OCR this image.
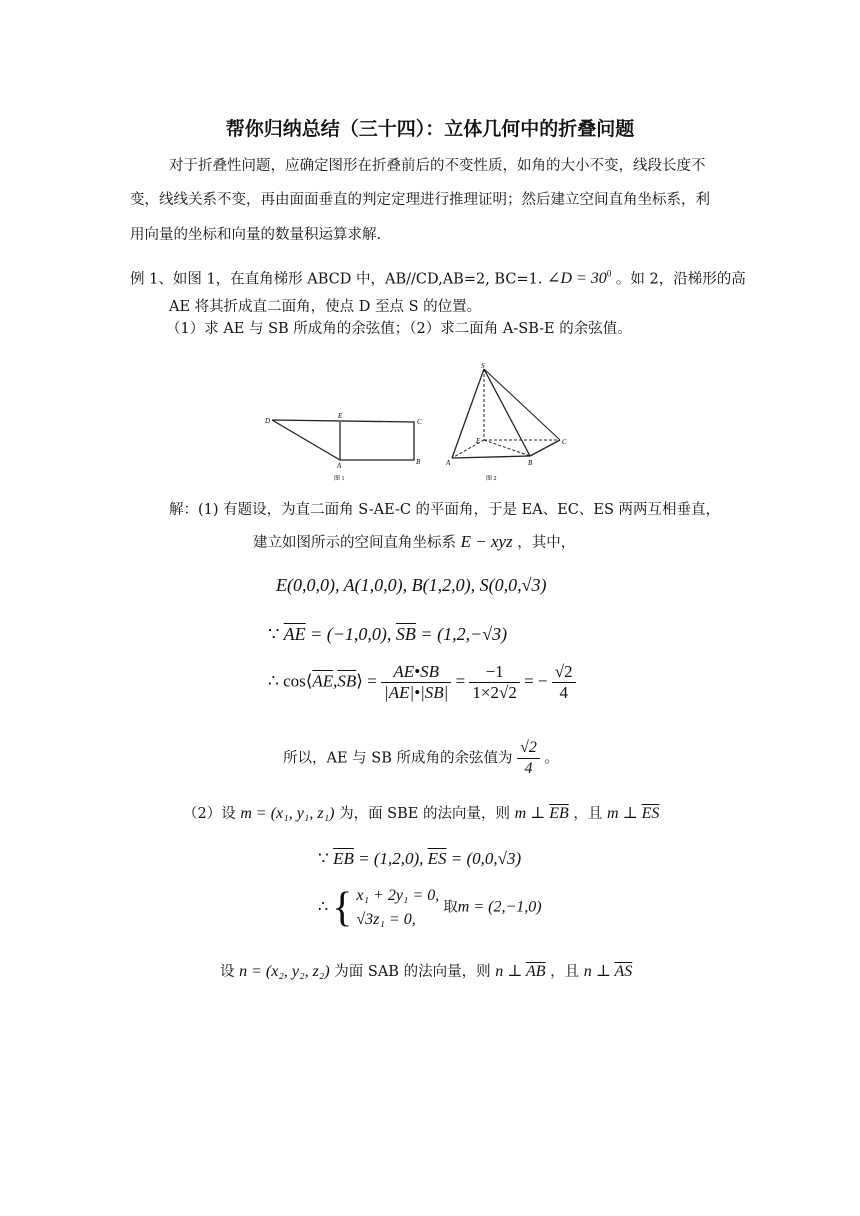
帮你归纳总结（三十四）：立体几何中的折叠问题
对于折叠性问题，应确定图形在折叠前后的不变性质，如角的大小不变，线段长度不
变，线线关系不变，再由面面垂直的判定定理进行推理证明；然后建立空间直角坐标系，利
用向量的坐标和向量的数量积运算求解.
例 1、如图 1，在直角梯形 ABCD 中，AB//CD,AB=2, BC=1. ∠D = $30^0$ 。如 2，沿梯形的高
AE 将其折成直二面角，使点 D 至点 S 的位置。
（1）求 AE 与 SB 所成角的余弦值；（2）求二面角 A-SB-E 的余弦值。
D
E
C
A	B
图 1
S
E	C
A	B
图 2
解：(1) 有题设，为直二面角 S-AE-C 的平面角，于是 EA、EC、ES 两两互相垂直，
建立如图所示的空间直角坐标系 E − xyz ，其中，
E(0,0,0), A(1,0,0), B(1,2,0), S(0,0,√3)
∵ $\overline{AE} = (-1,0,0)$, $\overline{SB} = (1,2,-√3)$
∴ $\cos⟨\overline{AE},\overline{SB}⟩ = \frac{AE•SB}{|AE|•|SB|} = \frac{-1}{1\times 2√2}$ = − $\frac{√2}{4}$
所以，AE 与 SB 所成角的余弦值为 $\frac{√2}{4}$ 。
（2）设 m = (x₁, y₁, z₁) 为，面 SBE 的法向量，则 m ⊥ $\overline{EB}$ ，且 m ⊥ $\overline{ES}$
∵ $\overline{EB} = (1,2,0)$, $\overline{ES} = (0,0,√3)$
∴ { x₁ + 2y₁ = 0,
√3z₁ = 0,
取m = (2,−1,0)
设 n = (x₂, y₂, z₂) 为面 SAB 的法向量，则 n ⊥ $\overline{AB}$ ，且 n ⊥ $\overline{AS}$
